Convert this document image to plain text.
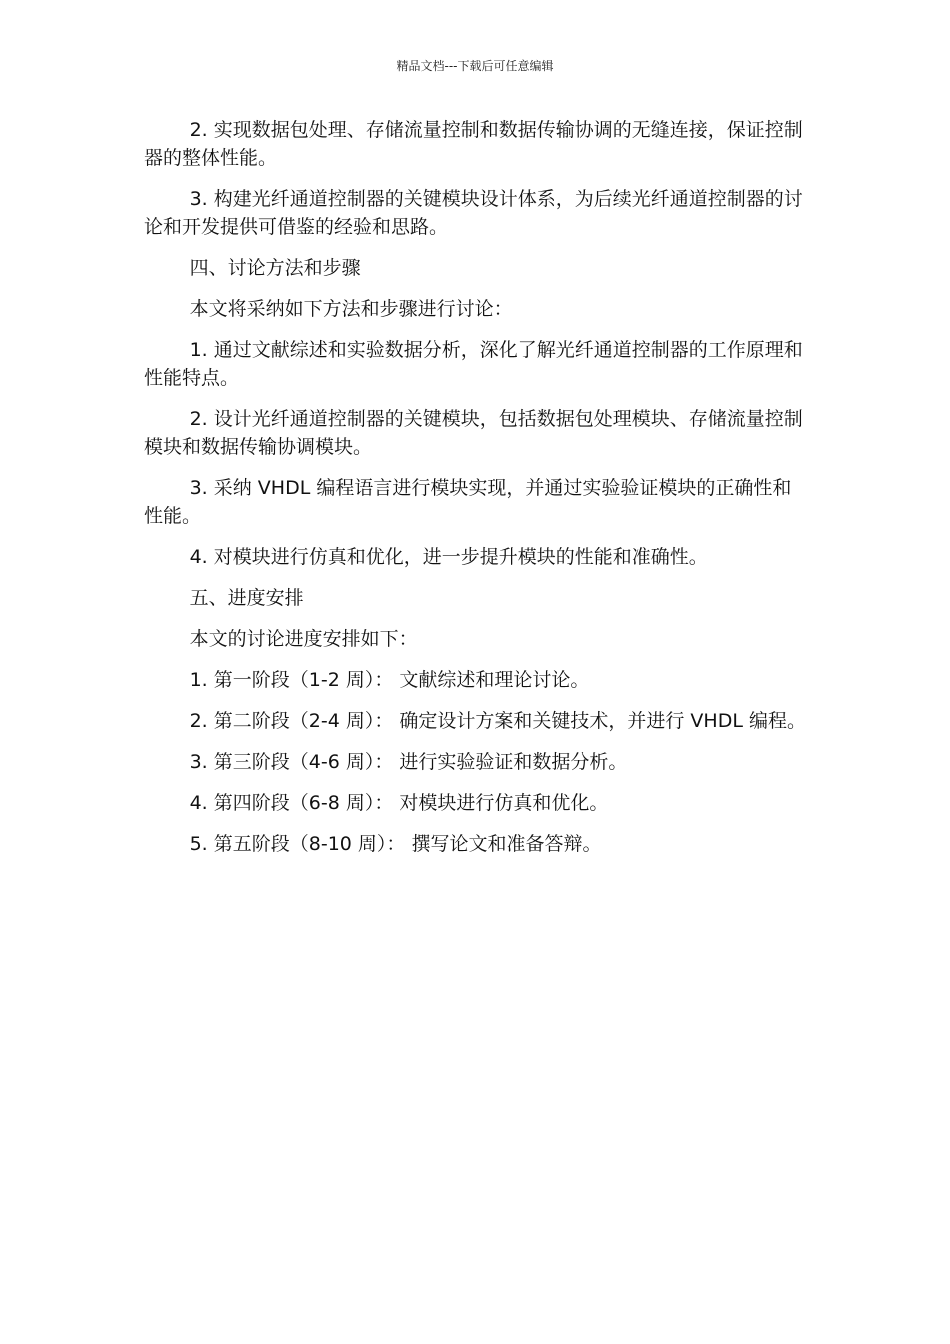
精品文档---下载后可任意编辑

2. 实现数据包处理、存储流量控制和数据传输协调的无缝连接，保证控制器的整体性能。

3. 构建光纤通道控制器的关键模块设计体系，为后续光纤通道控制器的讨论和开发提供可借鉴的经验和思路。

四、讨论方法和步骤

本文将采纳如下方法和步骤进行讨论：

1. 通过文献综述和实验数据分析，深化了解光纤通道控制器的工作原理和性能特点。

2. 设计光纤通道控制器的关键模块，包括数据包处理模块、存储流量控制模块和数据传输协调模块。

3. 采纳 VHDL 编程语言进行模块实现，并通过实验验证模块的正确性和性能。

4. 对模块进行仿真和优化，进一步提升模块的性能和准确性。

五、进度安排

本文的讨论进度安排如下：

1. 第一阶段（1-2 周）： 文献综述和理论讨论。

2. 第二阶段（2-4 周）： 确定设计方案和关键技术，并进行 VHDL 编程。

3. 第三阶段（4-6 周）： 进行实验验证和数据分析。

4. 第四阶段（6-8 周）： 对模块进行仿真和优化。

5. 第五阶段（8-10 周）： 撰写论文和准备答辩。
